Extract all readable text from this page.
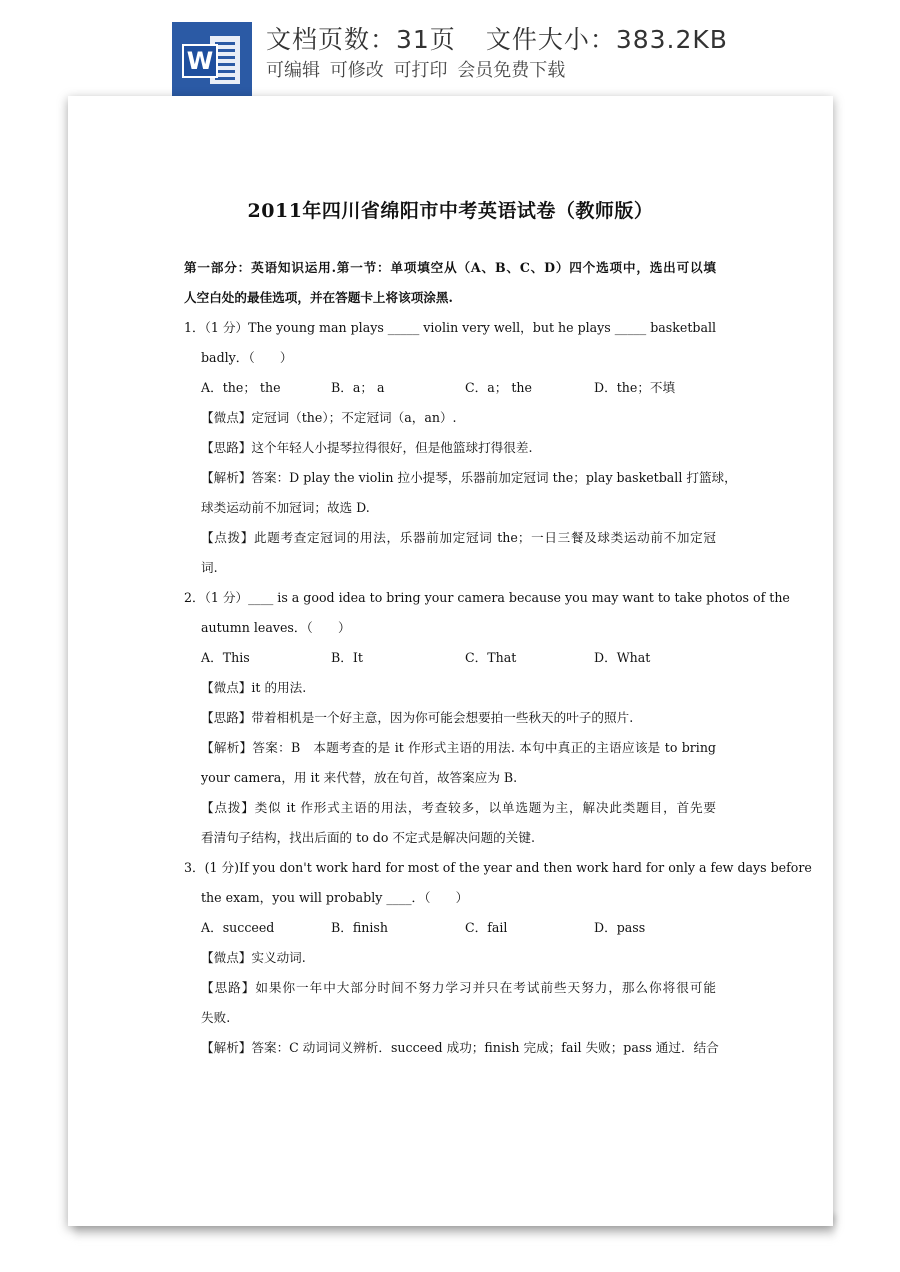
W
文档页数：31页 文件大小：383.2KB
可编辑 可修改 可打印 会员免费下载
2011年四川省绵阳市中考英语试卷（教师版）
第一部分：英语知识运用.第一节：单项填空从（A、B、C、D）四个选项中，选出可以填
人空白处的最佳选项，并在答题卡上将该项涂黑.
1．（1 分）The young man plays _____ violin very well，but he plays _____ basketball
badly．（　　）
A．the； the	B．a； a	C．a； the	D．the；不填
【微点】定冠词（the）；不定冠词（a，an）.
【思路】这个年轻人小提琴拉得很好，但是他篮球打得很差.
【解析】答案：D play the violin 拉小提琴，乐器前加定冠词 the；play basketball 打篮球，
球类运动前不加冠词；故选 D.
【点拨】此题考查定冠词的用法，乐器前加定冠词 the；一日三餐及球类运动前不加定冠
词.
2．（1 分）____ is a good idea to bring your camera because you may want to take photos of the
autumn leaves．（　　）
A．This	B．It	C．That	D．What
【微点】it 的用法.
【思路】带着相机是一个好主意，因为你可能会想要拍一些秋天的叶子的照片.
【解析】答案：B　本题考查的是 it 作形式主语的用法. 本句中真正的主语应该是 to bring
your camera，用 it 来代替，放在句首，故答案应为 B.
【点拨】类似 it 作形式主语的用法，考查较多，以单选题为主，解决此类题目，首先要
看清句子结构，找出后面的 to do 不定式是解决问题的关键.
3．(1 分)If you don't work hard for most of the year and then work hard for only a few days before
the exam，you will probably ____．（　　）
A．succeed	B．finish	C．fail	D．pass
【微点】实义动词.
【思路】如果你一年中大部分时间不努力学习并只在考试前些天努力，那么你将很可能
失败.
【解析】答案：C 动词词义辨析．succeed 成功；finish 完成；fail 失败；pass 通过．结合
